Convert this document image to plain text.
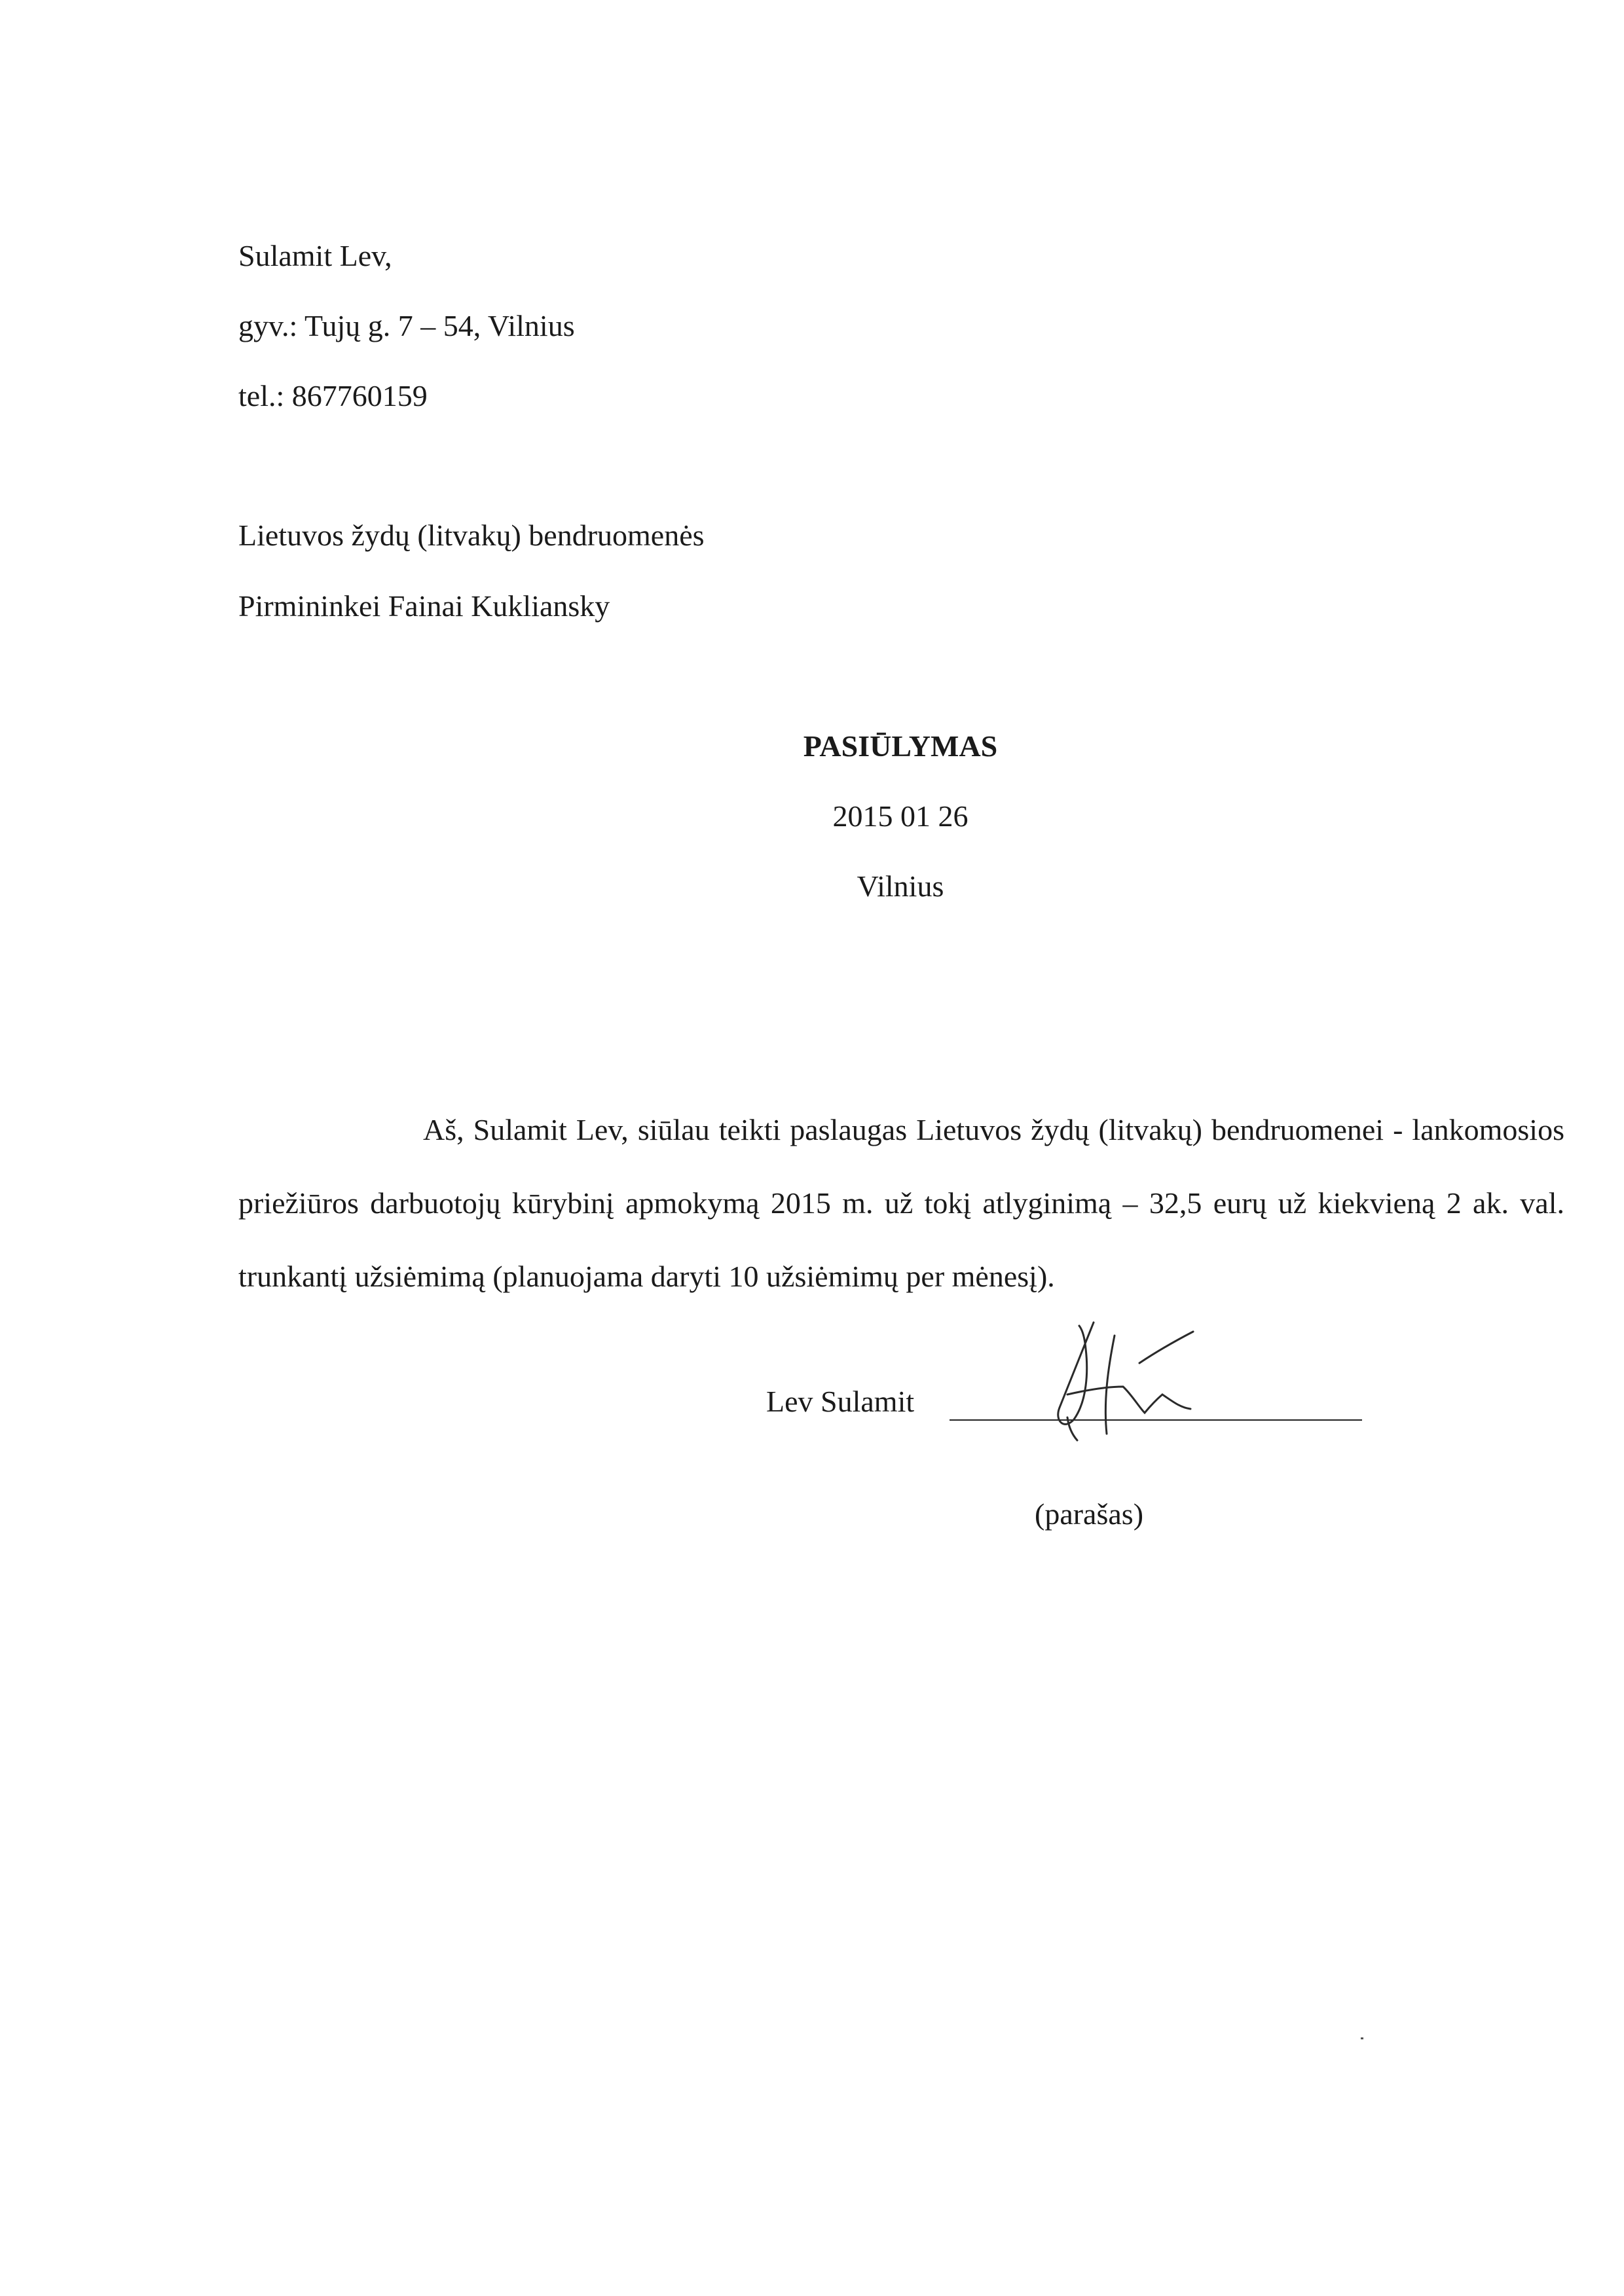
Sulamit Lev,
gyv.: Tujų g. 7 – 54, Vilnius
tel.: 867760159
Lietuvos žydų (litvakų) bendruomenės
Pirmininkei Fainai Kukliansky
PASIŪLYMAS
2015 01 26
Vilnius
Aš, Sulamit Lev, siūlau teikti paslaugas Lietuvos žydų (litvakų) bendruomenei - lankomosios priežiūros darbuotojų kūrybinį apmokymą 2015 m. už tokį atlyginimą – 32,5 eurų už kiekvieną 2 ak. val. trunkantį užsiėmimą (planuojama daryti 10 užsiėmimų per mėnesį).
Lev Sulamit
(parašas)
